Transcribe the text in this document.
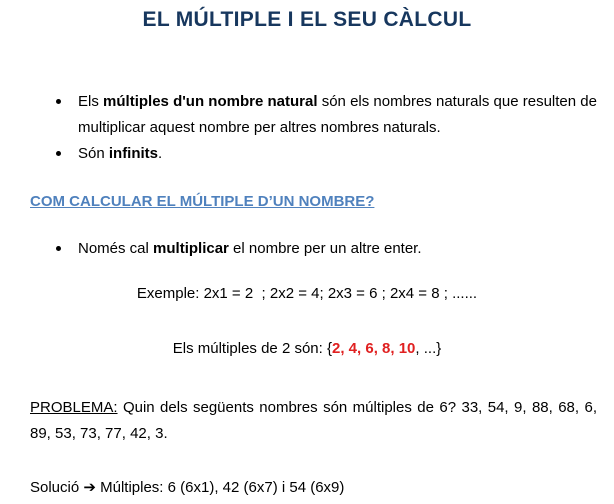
EL MÚLTIPLE I EL SEU CÀLCUL
Els múltiples d'un nombre natural són els nombres naturals que resulten de multiplicar aquest nombre per altres nombres naturals.
Són infinits.
COM CALCULAR EL MÚLTIPLE D’UN NOMBRE?
Només cal multiplicar el nombre per un altre enter.
Exemple: 2x1 = 2  ; 2x2 = 4; 2x3 = 6 ; 2x4 = 8 ; ......
Els múltiples de 2 són: {2, 4, 6, 8, 10, ...}
PROBLEMA: Quin dels següents nombres són múltiples de 6? 33, 54, 9, 88, 68, 6, 89, 53, 73, 77, 42, 3.
Solució ➔ Múltiples: 6 (6x1), 42 (6x7) i 54 (6x9)
